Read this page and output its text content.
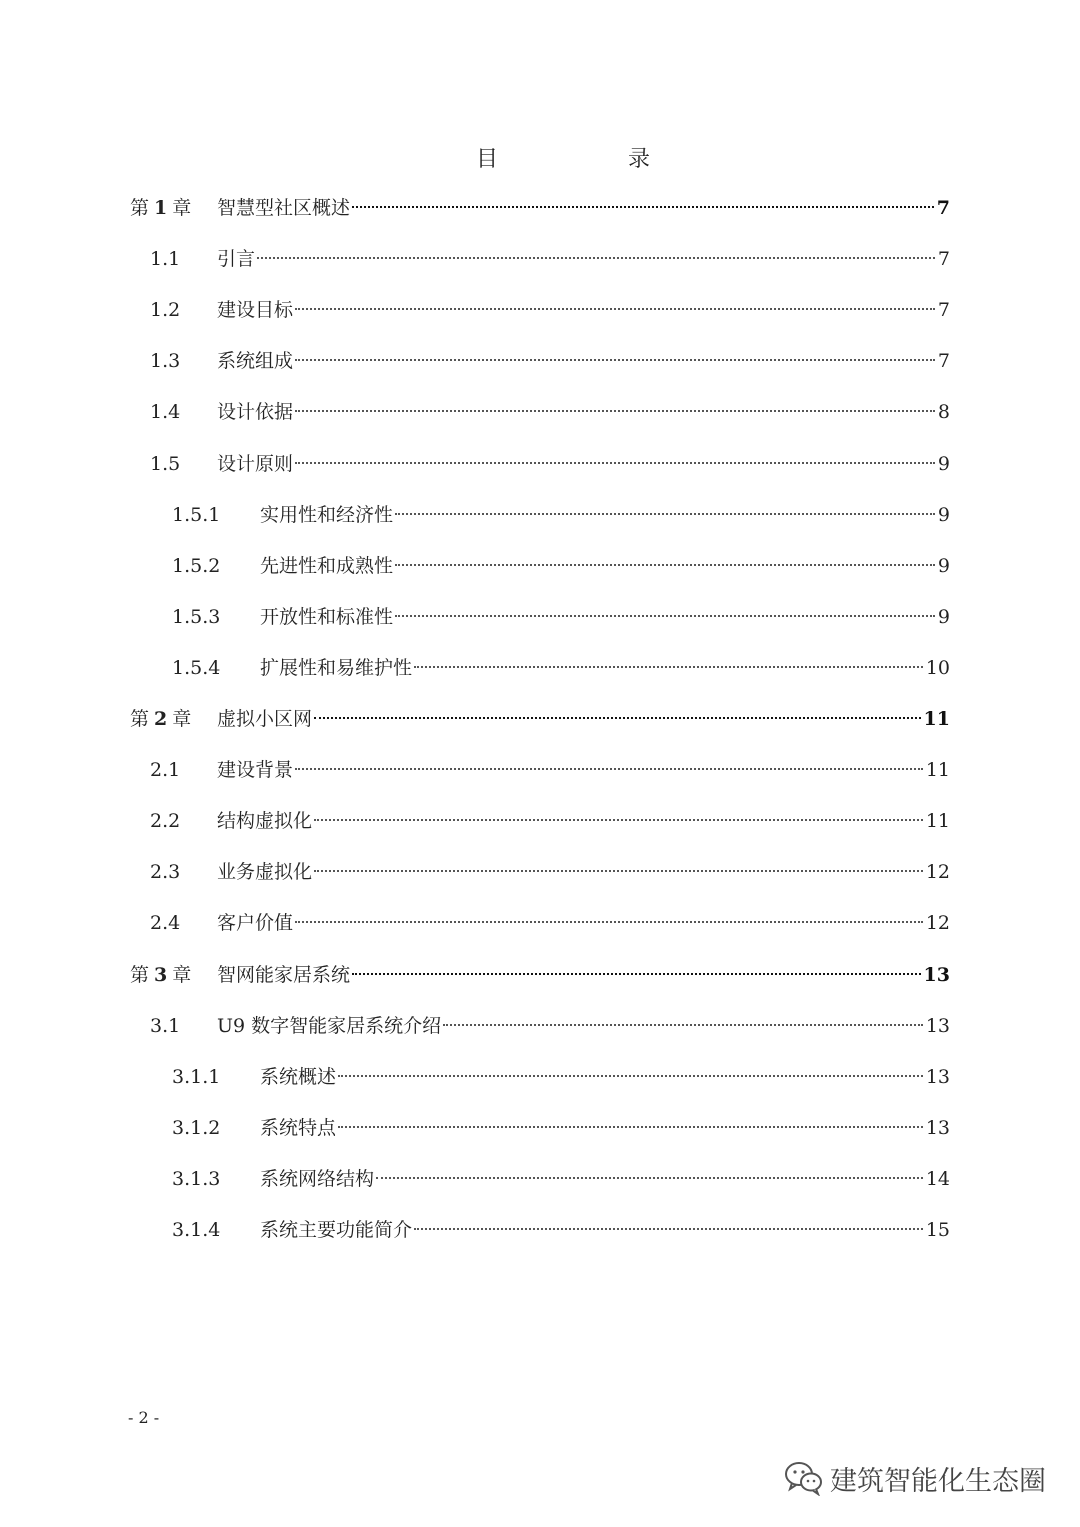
目	录
第 1 章 智慧型社区概述	7
1.1 引言	7
1.2 建设目标	7
1.3 系统组成	7
1.4 设计依据	8
1.5 设计原则	9
1.5.1 实用性和经济性	9
1.5.2 先进性和成熟性	9
1.5.3 开放性和标准性	9
1.5.4 扩展性和易维护性	10
第 2 章 虚拟小区网	11
2.1 建设背景	11
2.2 结构虚拟化	11
2.3 业务虚拟化	12
2.4 客户价值	12
第 3 章 智网能家居系统	13
3.1 U9 数字智能家居系统介绍	13
3.1.1 系统概述	13
3.1.2 系统特点	13
3.1.3 系统网络结构	14
3.1.4 系统主要功能简介	15
- 2 -
建筑智能化生态圈
